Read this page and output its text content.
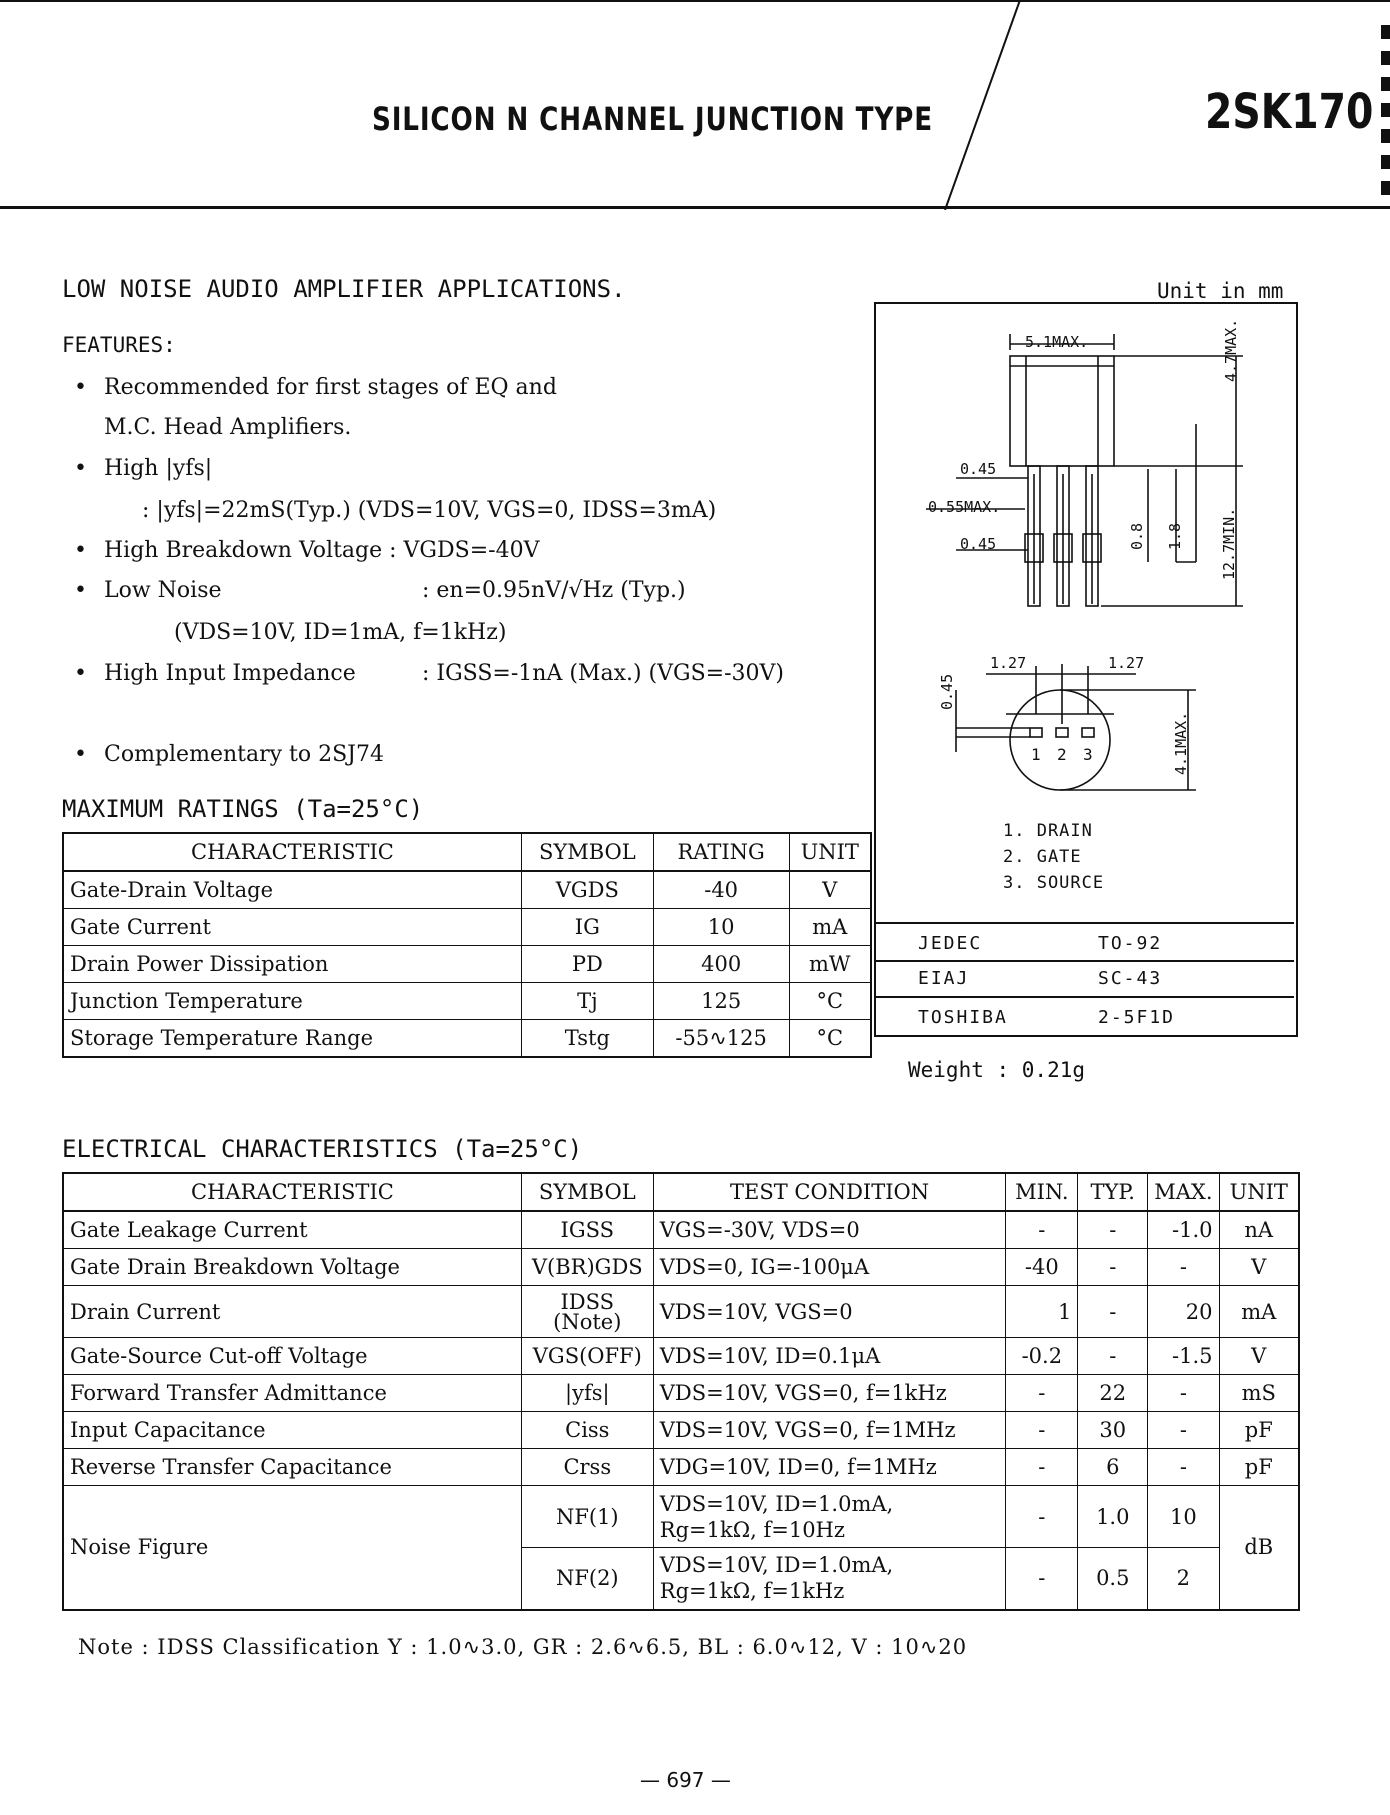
SILICON N CHANNEL JUNCTION TYPE	2SK170
LOW NOISE AUDIO AMPLIFIER APPLICATIONS.	Unit in mm
FEATURES:
• Recommended for first stages of EQ and
M.C. Head Amplifiers.
• High |yfs|
: |yfs|=22mS(Typ.) (VDS=10V, VGS=0, IDSS=3mA)
• High Breakdown Voltage : VGDS=-40V
• Low Noise	: en=0.95nV/√Hz (Typ.)
(VDS=10V, ID=1mA, f=1kHz)
• High Input Impedance	: IGSS=-1nA (Max.) (VGS=-30V)
• Complementary to 2SJ74
MAXIMUM RATINGS (Ta=25°C)
CHARACTERISTIC	SYMBOL	RATING	UNIT
Gate-Drain Voltage	VGDS	-40	V
Gate Current	IG	10	mA
Drain Power Dissipation	PD	400	mW
Junction Temperature	Tj	125	°C
Storage Temperature Range	Tstg	-55∿125	°C
5.1MAX.	4.7MAX.
0.45
0.55MAX.
0.45	0.8 1.8 12.7MIN.
1.27	1.27
0.45
4.1MAX.
1 2 3
1. DRAIN
2. GATE
3. SOURCE
JEDEC	TO-92
EIAJ	SC-43
TOSHIBA	2-5F1D
Weight : 0.21g
ELECTRICAL CHARACTERISTICS (Ta=25°C)
CHARACTERISTIC	SYMBOL	TEST CONDITION	MIN.	TYP.	MAX.	UNIT
Gate Leakage Current	IGSS	VGS=-30V, VDS=0	-	-	-1.0	nA
Gate Drain Breakdown Voltage	V(BR)GDS	VDS=0, IG=-100μA	-40	-	-	V
Drain Current	IDSS (Note)	VDS=10V, VGS=0	1	-	20	mA
Gate-Source Cut-off Voltage	VGS(OFF)	VDS=10V, ID=0.1μA	-0.2	-	-1.5	V
Forward Transfer Admittance	|yfs|	VDS=10V, VGS=0, f=1kHz	-	22	-	mS
Input Capacitance	Ciss	VDS=10V, VGS=0, f=1MHz	-	30	-	pF
Reverse Transfer Capacitance	Crss	VDG=10V, ID=0, f=1MHz	-	6	-	pF
Noise Figure	NF(1)	VDS=10V, ID=1.0mA,
Rg=1kΩ, f=10Hz	-	1.0	10	dB
	NF(2)	VDS=10V, ID=1.0mA,
Rg=1kΩ, f=1kHz	-	0.5	2	
Note : IDSS Classification Y : 1.0∿3.0, GR : 2.6∿6.5, BL : 6.0∿12, V : 10∿20
— 697 —
